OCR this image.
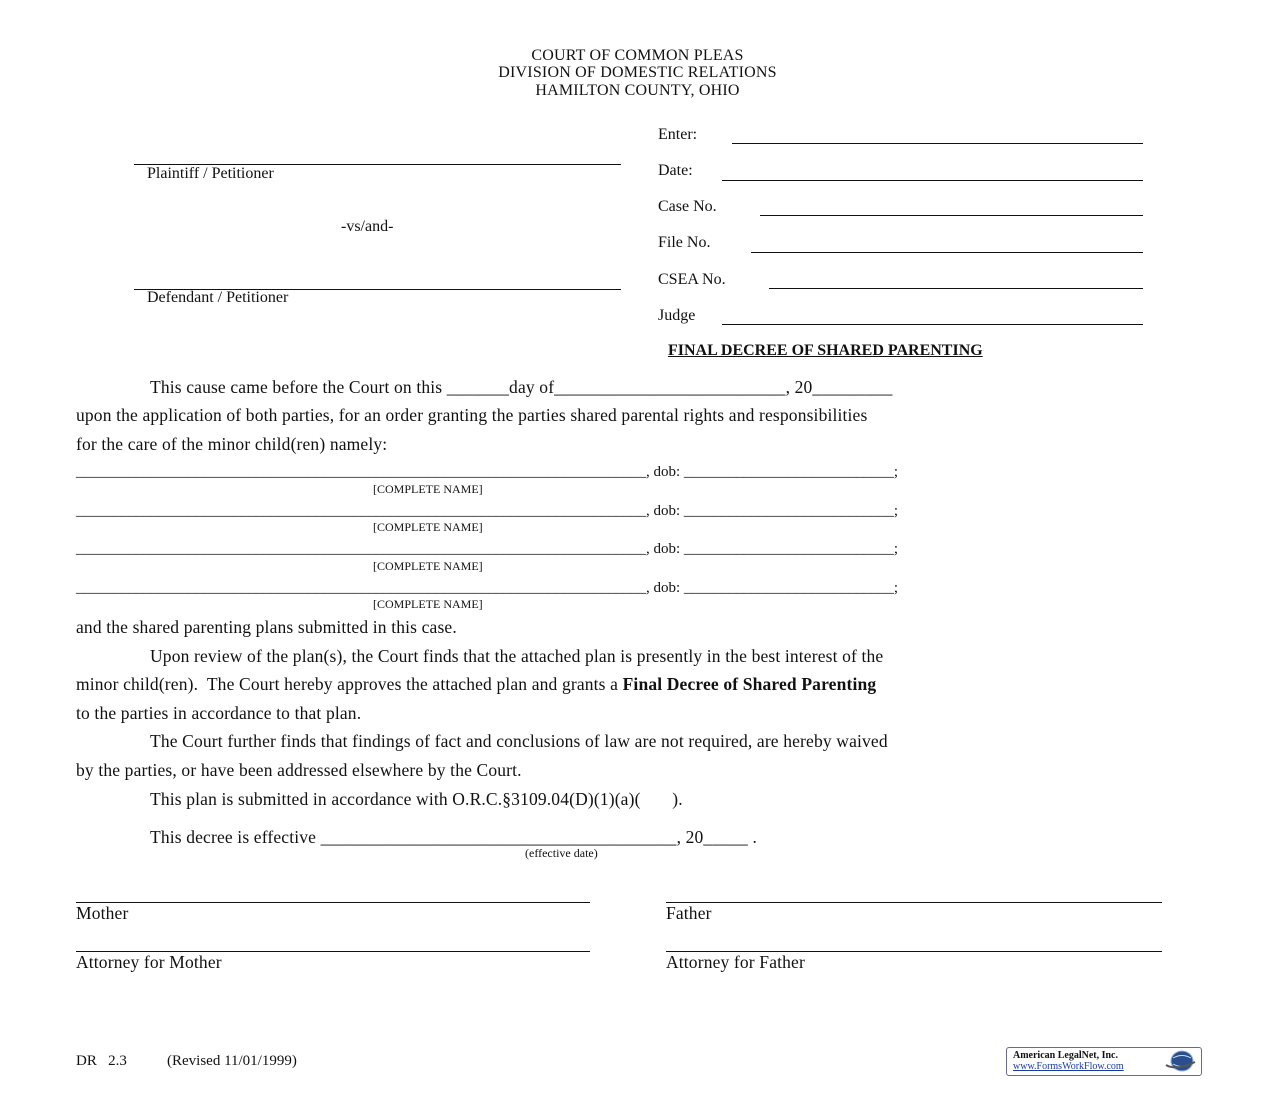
COURT OF COMMON PLEAS
DIVISION OF DOMESTIC RELATIONS
HAMILTON COUNTY, OHIO
Plaintiff / Petitioner
-vs/and-
Defendant / Petitioner
Enter:
Date:
Case No.
File No.
CSEA No.
Judge
FINAL DECREE OF SHARED PARENTING
This cause came before the Court on this _______day of__________________________, 20_________
upon the application of both parties, for an order granting the parties shared parental rights and responsibilities
for the care of the minor child(ren) namely:
____________________________________________________________________________, dob: ____________________________;
[COMPLETE NAME]
____________________________________________________________________________, dob: ____________________________;
[COMPLETE NAME]
____________________________________________________________________________, dob: ____________________________;
[COMPLETE NAME]
____________________________________________________________________________, dob: ____________________________;
[COMPLETE NAME]
and the shared parenting plans submitted in this case.
Upon review of the plan(s), the Court finds that the attached plan is presently in the best interest of the
minor child(ren).  The Court hereby approves the attached plan and grants a Final Decree of Shared Parenting
to the parties in accordance to that plan.
The Court further finds that findings of fact and conclusions of law are not required, are hereby waived
by the parties, or have been addressed elsewhere by the Court.
This plan is submitted in accordance with O.R.C.§3109.04(D)(1)(a)(       ).
This decree is effective ________________________________________, 20_____ .
(effective date)
Mother	Father
Attorney for Mother	Attorney for Father
DR   2.3	(Revised 11/01/1999)	American LegalNet, Inc.
www.FormsWorkFlow.com
